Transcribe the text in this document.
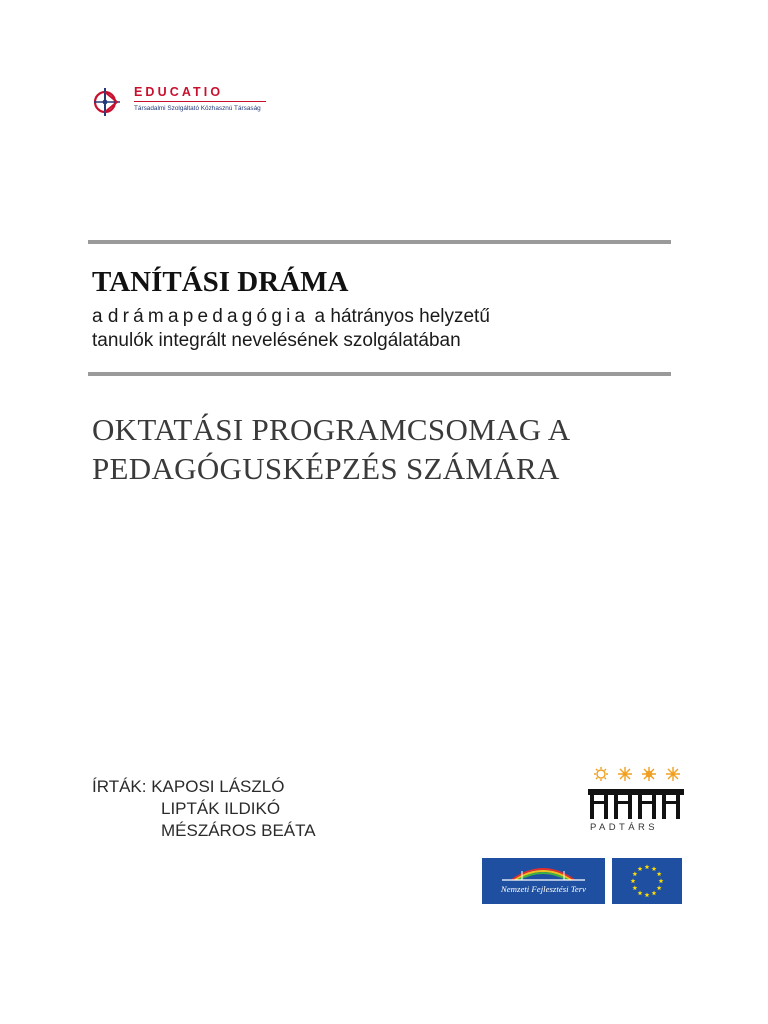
EDUCATIO
Társadalmi Szolgáltató Közhasznú Társaság
TANÍTÁSI DRÁMA
a drámapedagógia a hátrányos helyzetű
tanulók integrált nevelésének szolgálatában
OKTATÁSI PROGRAMCSOMAG A
PEDAGÓGUSKÉPZÉS SZÁMÁRA
ÍRTÁK: KAPOSI LÁSZLÓ
LIPTÁK ILDIKÓ
MÉSZÁROS BEÁTA	PADTÁRS
Nemzeti Fejlesztési Terv
